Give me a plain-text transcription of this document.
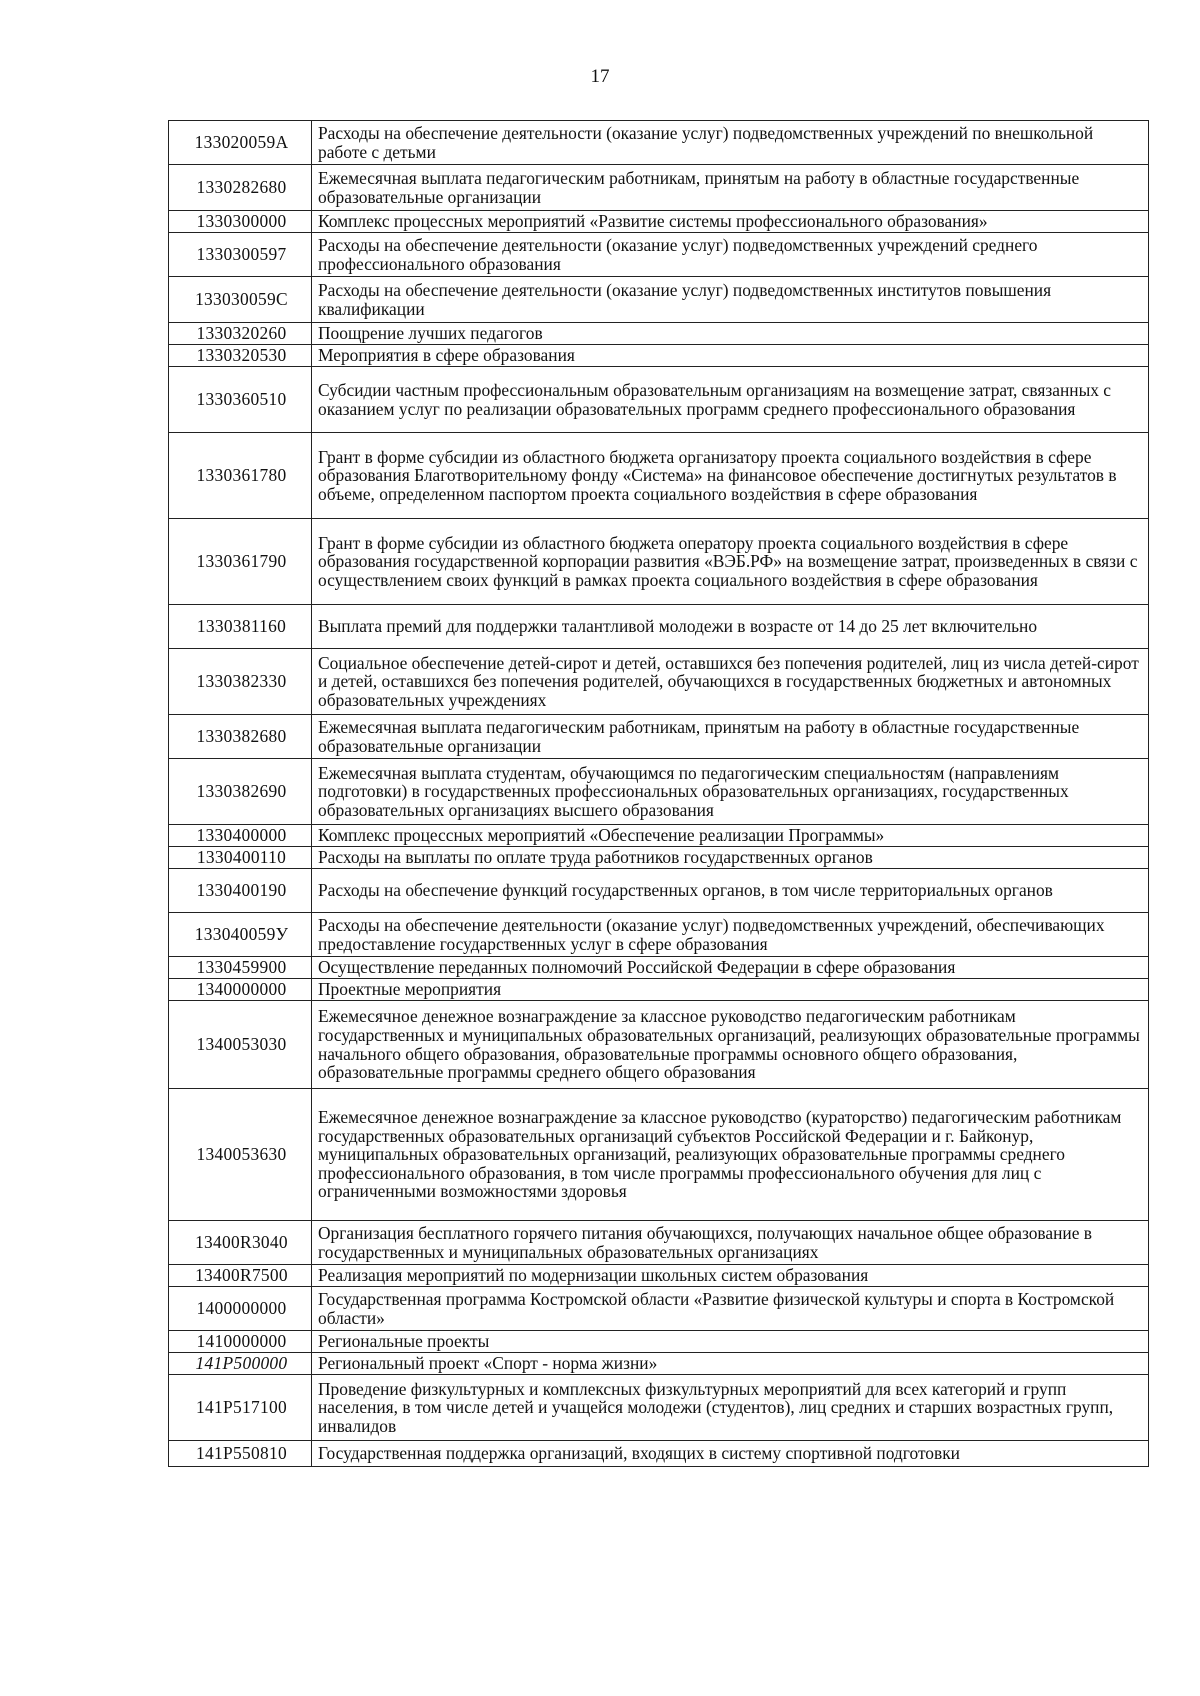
17
133020059А	Расходы на обеспечение деятельности (оказание услуг) подведомственных учреждений по внешкольной работе с детьми
1330282680	Ежемесячная выплата педагогическим работникам, принятым на работу в областные государственные образовательные организации
1330300000	Комплекс процессных мероприятий «Развитие системы профессионального образования»
1330300597	Расходы на обеспечение деятельности (оказание услуг) подведомственных учреждений среднего профессионального образования
133030059С	Расходы на обеспечение деятельности (оказание услуг) подведомственных институтов повышения квалификации
1330320260	Поощрение лучших педагогов
1330320530	Мероприятия в сфере образования
1330360510	Субсидии частным профессиональным образовательным организациям на возмещение затрат, связанных с оказанием услуг по реализации образовательных программ среднего профессионального образования
1330361780	Грант в форме субсидии из областного бюджета организатору проекта социального воздействия в сфере образования Благотворительному фонду «Система» на финансовое обеспечение достигнутых результатов в объеме, определенном паспортом проекта социального воздействия в сфере образования
1330361790	Грант в форме субсидии из областного бюджета оператору проекта социального воздействия в сфере образования государственной корпорации развития «ВЭБ.РФ» на возмещение затрат, произведенных в связи с осуществлением своих функций в рамках проекта социального воздействия в сфере образования
1330381160	Выплата премий для поддержки талантливой молодежи в возрасте от 14 до 25 лет включительно
1330382330	Социальное обеспечение детей-сирот и детей, оставшихся без попечения родителей, лиц из числа детей-сирот и детей, оставшихся без попечения родителей, обучающихся в государственных бюджетных и автономных образовательных учреждениях
1330382680	Ежемесячная выплата педагогическим работникам, принятым на работу в областные государственные образовательные организации
1330382690	Ежемесячная выплата студентам, обучающимся по педагогическим специальностям (направлениям подготовки) в государственных профессиональных образовательных организациях, государственных образовательных организациях высшего образования
1330400000	Комплекс процессных мероприятий «Обеспечение реализации Программы»
1330400110	Расходы на выплаты по оплате труда работников государственных органов
1330400190	Расходы на обеспечение функций государственных органов, в том числе территориальных органов
133040059У	Расходы на обеспечение деятельности (оказание услуг) подведомственных учреждений, обеспечивающих предоставление государственных услуг в сфере образования
1330459900	Осуществление переданных полномочий Российской Федерации в сфере образования
1340000000	Проектные мероприятия
1340053030	Ежемесячное денежное вознаграждение за классное руководство педагогическим работникам государственных и муниципальных образовательных организаций, реализующих образовательные программы начального общего образования, образовательные программы основного общего образования, образовательные программы среднего общего образования
1340053630	Ежемесячное денежное вознаграждение за классное руководство (кураторство) педагогическим работникам государственных образовательных организаций субъектов Российской Федерации и г. Байконур, муниципальных образовательных организаций, реализующих образовательные программы среднего профессионального образования, в том числе программы профессионального обучения для лиц с ограниченными возможностями здоровья
13400R3040	Организация бесплатного горячего питания обучающихся, получающих начальное общее образование в государственных и муниципальных образовательных организациях
13400R7500	Реализация мероприятий по модернизации школьных систем образования
1400000000	Государственная программа Костромской области «Развитие физической культуры и спорта в Костромской области»
1410000000	Региональные проекты
141P500000	Региональный проект «Спорт - норма жизни»
141P517100	Проведение физкультурных и комплексных физкультурных мероприятий для всех категорий и групп населения, в том числе детей и учащейся молодежи (студентов), лиц средних и старших возрастных групп, инвалидов
141P550810	Государственная поддержка организаций, входящих в систему спортивной подготовки
